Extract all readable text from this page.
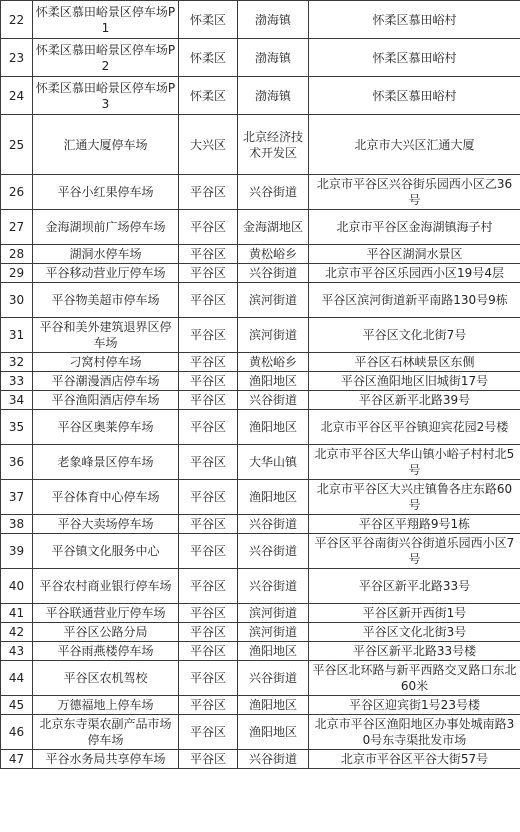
22	怀柔区慕田峪景区停车场P1	怀柔区	渤海镇	怀柔区慕田峪村
23	怀柔区慕田峪景区停车场P2	怀柔区	渤海镇	怀柔区慕田峪村
24	怀柔区慕田峪景区停车场P3	怀柔区	渤海镇	怀柔区慕田峪村
25	汇通大厦停车场	大兴区	北京经济技术开发区	北京市大兴区汇通大厦
26	平谷小红果停车场	平谷区	兴谷街道	北京市平谷区兴谷街乐园西小区乙36号
27	金海湖坝前广场停车场	平谷区	金海湖地区	北京市平谷区金海湖镇海子村
28	湖洞水停车场	平谷区	黄松峪乡	平谷区湖洞水景区
29	平谷移动营业厅停车场	平谷区	兴谷街道	北京市平谷区乐园西小区19号4层
30	平谷物美超市停车场	平谷区	滨河街道	平谷区滨河街道新平南路130号9栋
31	平谷和美外建筑退界区停车场	平谷区	滨河街道	平谷区文化北街7号
32	刁窝村停车场	平谷区	黄松峪乡	平谷区石林峡景区东侧
33	平谷潮漫酒店停车场	平谷区	渔阳地区	平谷区渔阳地区旧城街17号
34	平谷渔阳酒店停车场	平谷区	兴谷街道	平谷区新平北路39号
35	平谷区奥莱停车场	平谷区	渔阳地区	北京市平谷区平谷镇迎宾花园2号楼
36	老象峰景区停车场	平谷区	大华山镇	北京市平谷区大华山镇小峪子村村北5号
37	平谷体育中心停车场	平谷区	渔阳地区	北京市平谷区大兴庄镇鲁各庄东路60号
38	平谷大卖场停车场	平谷区	兴谷街道	平谷区平翔路9号1栋
39	平谷镇文化服务中心	平谷区	兴谷街道	平谷区平谷南街兴谷街道乐园西小区7号
40	平谷农村商业银行停车场	平谷区	兴谷街道	平谷区新平北路33号
41	平谷联通营业厅停车场	平谷区	滨河街道	平谷区新开西街1号
42	平谷区公路分局	平谷区	滨河街道	平谷区文化北街3号
43	平谷雨燕楼停车场	平谷区	渔阳地区	平谷区新平北路33号楼
44	平谷区农机驾校	平谷区	兴谷街道	平谷区北环路与新平西路交叉路口东北60米
45	万德福地上停车场	平谷区	渔阳地区	平谷区迎宾街1号23号楼
46	北京东寺渠农副产品市场停车场	平谷区	渔阳地区	北京市平谷区渔阳地区办事处城南路30号东寺渠批发市场
47	平谷水务局共享停车场	平谷区	兴谷街道	北京市平谷区平谷大街57号
